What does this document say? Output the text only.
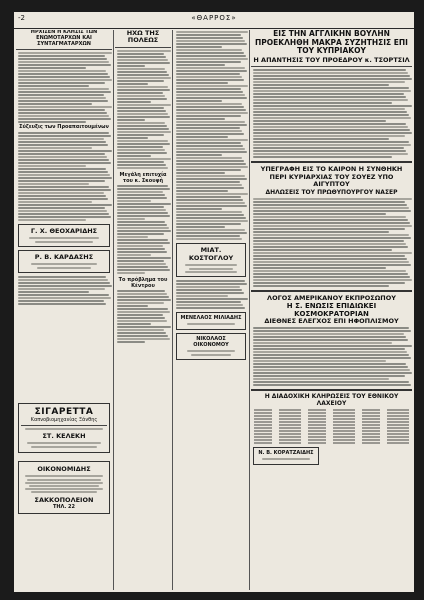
-2	«ΘΑΡΡΟΣ»

ΗΡΧΙΣΕΝ Η ΚΛΗΣΙΣ ΤΩΝ ΕΝΩΜΟΤΑΡΧΩΝ ΚΑΙ ΣΥΝΤΑΓΜΑΤΑΡΧΩΝ

Σύζευξις των Προαπαιτουμένων

Γ. Χ. ΘΕΟΧΑΡΙΔΗΣ
Ρ. Β. ΚΑΡΔΑΣΗΣ

ΗΧΩ ΤΗΣ ΠΟΛΕΩΣ

Μεγάλη επιτυχία του κ. Σκουφή
Το πρόβλημα του Κέντρου
ΜΙΑΤ. ΚΟΣΤΟΓΛΟΥ
ΜΕΝΕΛΑΟΣ ΜΙΛΙΑΔΗΣ
ΝΙΚΟΛΑΟΣ ΟΙΚΟΝΟΜΟΥ

ΕΙΣ ΤΗΝ ΑΓΓΛΙΚΗΝ ΒΟΥΛΗΝ ΠΡΟΕΚΛΗΘΗ ΜΑΚΡΑ ΣΥΖΗΤΗΣΙΣ ΕΠΙ ΤΟΥ ΚΥΠΡΙΑΚΟΥ

Η ΑΠΑΝΤΗΣΙΣ ΤΟΥ ΠΡΟΕΔΡΟΥ κ. ΤΣΟΡΤΣΙΛ

ΥΠΕΓΡΑΦΗ ΕΙΣ ΤΟ ΚΑΙΡΟΝ Η ΣΥΝΘΗΚΗ ΠΕΡΙ ΚΥΡΙΑΡΧΙΑΣ ΤΟΥ ΣΟΥΕΖ ΥΠΟ ΑΙΓΥΠΤΟΥ

ΔΗΛΩΣΕΙΣ ΤΟΥ ΠΡΩΘΥΠΟΥΡΓΟΥ ΝΑΣΕΡ

ΛΟΓΟΣ ΑΜΕΡΙΚΑΝΟΥ ΕΚΠΡΟΣΩΠΟΥ

Η Σ. ΕΝΩΣΙΣ ΕΠΙΔΙΩΚΕΙ ΚΟΣΜΟΚΡΑΤΟΡΙΑΝ

ΔΙΕΘΝΕΣ ΕΛΕΓΧΟΣ ΕΠΙ ΗΦΟΠΛΙΣΜΟΥ

Η ΔΙΑΔΟΧΙΚΗ ΚΛΗΡΩΣΕΙΣ ΤΟΥ ΕΘΝΙΚΟΥ ΛΑΧΕΙΟΥ

Ν. Β. ΚΟΡΑΤΖΑΙΔΗΣ
ΣΙΓΑΡΕΤΤΑ
Καπνοβιομηχανίας Ξάνθης
ΣΤ. ΚΕΛΕΚΗ
ΟΙΚΟΝΟΜΙΔΗΣ
ΣΑΚΚΟΠΟΛΕΙΟΝ
ΤΗΛ. 22
